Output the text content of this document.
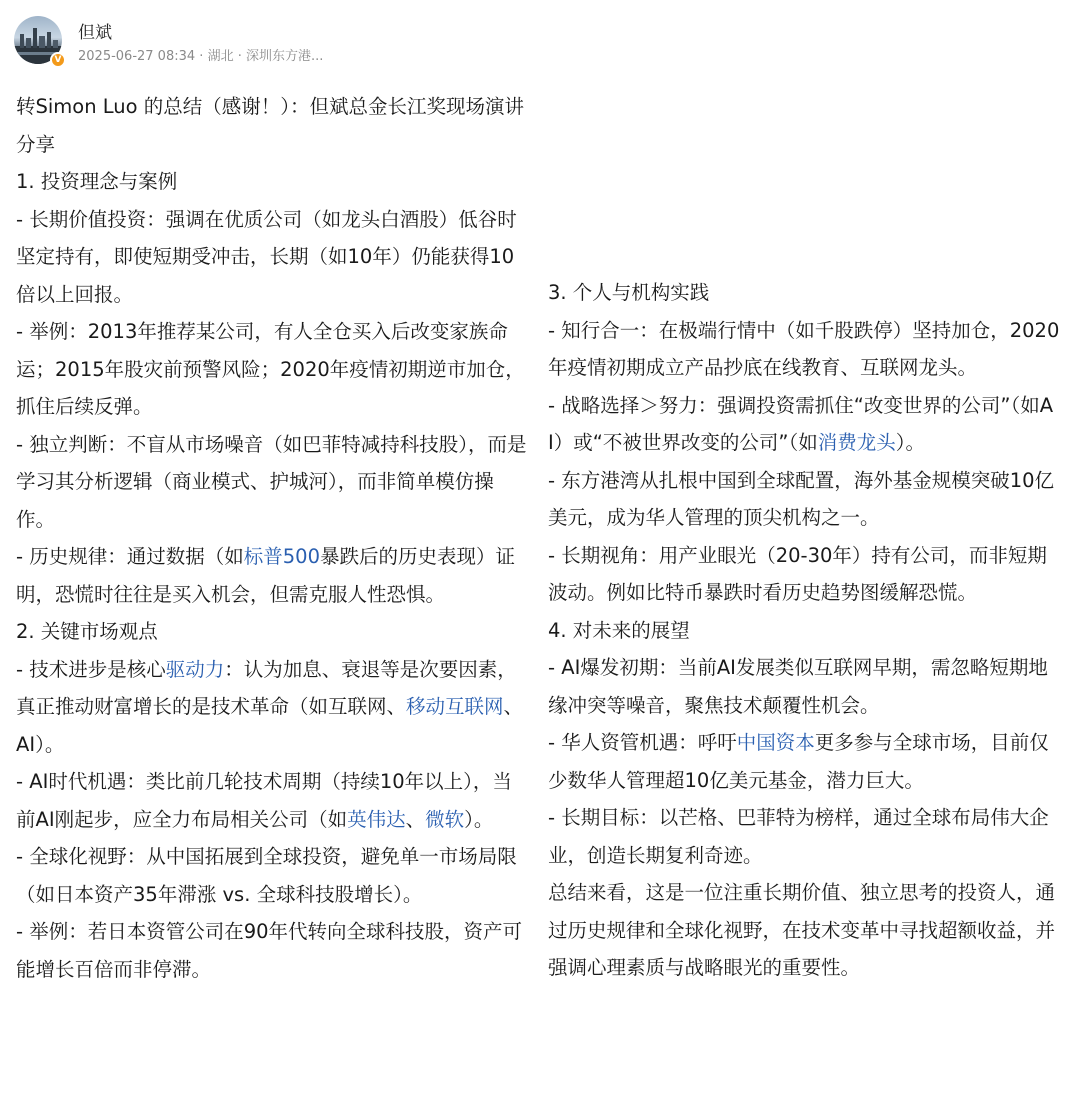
V
但斌
2025-06-27 08:34 · 湖北 · 深圳东方港...

转Simon Luo 的总结（感谢！）：但斌总金长江奖现场演讲分享

1. 投资理念与案例

- 长期价值投资：强调在优质公司（如龙头白酒股）低谷时坚定持有，即使短期受冲击，长期（如10年）仍能获得10倍以上回报。

- 举例：2013年推荐某公司，有人全仓买入后改变家族命运；2015年股灾前预警风险；2020年疫情初期逆市加仓，抓住后续反弹。

- 独立判断：不盲从市场噪音（如巴菲特减持科技股），而是学习其分析逻辑（商业模式、护城河），而非简单模仿操作。

- 历史规律：通过数据（如标普500暴跌后的历史表现）证明，恐慌时往往是买入机会，但需克服人性恐惧。

2. 关键市场观点

- 技术进步是核心驱动力：认为加息、衰退等是次要因素，真正推动财富增长的是技术革命（如互联网、移动互联网、AI）。

- AI时代机遇：类比前几轮技术周期（持续10年以上），当前AI刚起步，应全力布局相关公司（如英伟达、微软）。

- 全球化视野：从中国拓展到全球投资，避免单一市场局限（如日本资产35年滞涨 vs. 全球科技股增长）。

- 举例：若日本资管公司在90年代转向全球科技股，资产可能增长百倍而非停滞。

3. 个人与机构实践

- 知行合一：在极端行情中（如千股跌停）坚持加仓，2020年疫情初期成立产品抄底在线教育、互联网龙头。

- 战略选择＞努力：强调投资需抓住“改变世界的公司”（如AI）或“不被世界改变的公司”（如消费龙头）。

- 东方港湾从扎根中国到全球配置，海外基金规模突破10亿美元，成为华人管理的顶尖机构之一。

- 长期视角：用产业眼光（20-30年）持有公司，而非短期波动。例如比特币暴跌时看历史趋势图缓解恐慌。

4. 对未来的展望

- AI爆发初期：当前AI发展类似互联网早期，需忽略短期地缘冲突等噪音，聚焦技术颠覆性机会。

- 华人资管机遇：呼吁中国资本更多参与全球市场，目前仅少数华人管理超10亿美元基金，潜力巨大。

- 长期目标：以芒格、巴菲特为榜样，通过全球布局伟大企业，创造长期复利奇迹。

总结来看，这是一位注重长期价值、独立思考的投资人，通过历史规律和全球化视野，在技术变革中寻找超额收益，并强调心理素质与战略眼光的重要性。
